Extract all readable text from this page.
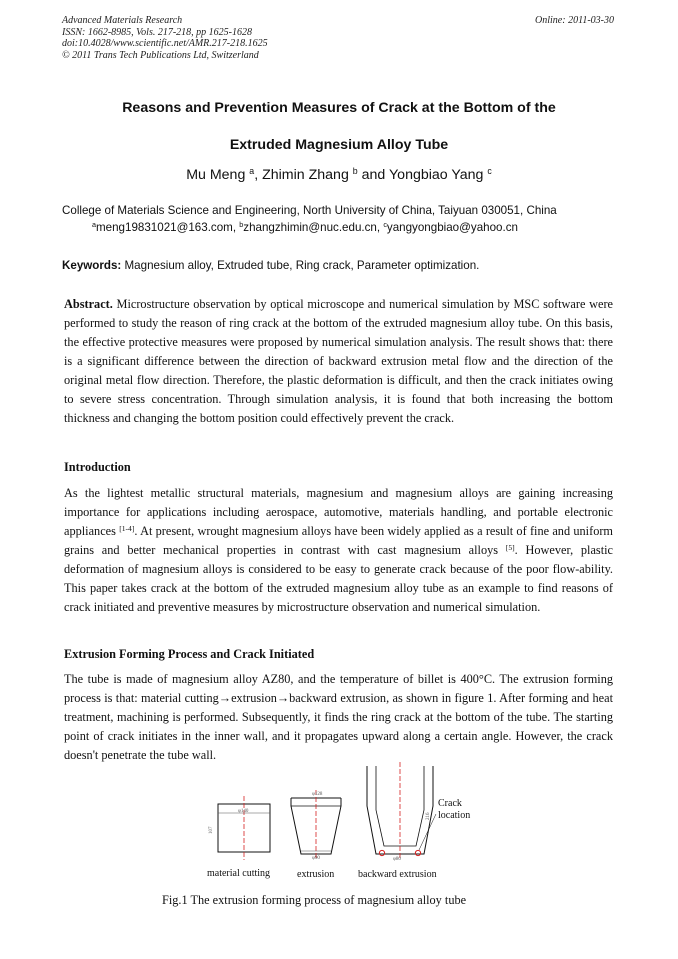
Advanced Materials Research
ISSN: 1662-8985, Vols. 217-218, pp 1625-1628
doi:10.4028/www.scientific.net/AMR.217-218.1625
© 2011 Trans Tech Publications Ltd, Switzerland
Online: 2011-03-30
Reasons and Prevention Measures of Crack at the Bottom of the
Extruded Magnesium Alloy Tube
Mu Meng $^a$, Zhimin Zhang $^b$ and Yongbiao Yang $^c$
College of Materials Science and Engineering, North University of China, Taiyuan 030051, China
$^a$meng19831021@163.com, $^b$zhangzhimin@nuc.edu.cn, $^c$yangyongbiao@yahoo.cn
Keywords: Magnesium alloy, Extruded tube, Ring crack, Parameter optimization.
Abstract. Microstructure observation by optical microscope and numerical simulation by MSC software were performed to study the reason of ring crack at the bottom of the extruded magnesium alloy tube. On this basis, the effective protective measures were proposed by numerical simulation analysis. The result shows that: there is a significant difference between the direction of backward extrusion metal flow and the direction of the original metal flow direction. Therefore, the plastic deformation is difficult, and then the crack initiates owing to severe stress concentration. Through simulation analysis, it is found that both increasing the bottom thickness and changing the bottom position could effectively prevent the crack.
Introduction
As the lightest metallic structural materials, magnesium and magnesium alloys are gaining increasing importance for applications including aerospace, automotive, materials handling, and portable electronic appliances [1-4]. At present, wrought magnesium alloys have been widely applied as a result of fine and uniform grains and better mechanical properties in contrast with cast magnesium alloys [5]. However, plastic deformation of magnesium alloys is considered to be easy to generate crack because of the poor flow-ability. This paper takes crack at the bottom of the extruded magnesium alloy tube as an example to find reasons of crack initiated and preventive measures by microstructure observation and numerical simulation.
Extrusion Forming Process and Crack Initiated
The tube is made of magnesium alloy AZ80, and the temperature of billet is 400°C. The extrusion forming process is that: material cutting→extrusion→backward extrusion, as shown in figure 1. After forming and heat treatment, machining is performed. Subsequently, it finds the ring crack at the bottom of the tube. The starting point of crack initiates in the inner wall, and it propagates upward along a certain angle. However, the crack doesn't penetrate the tube wall.
φ140
107
φ128
φ90	φ80
216
Crack
location
material cutting	extrusion backward extrusion
Fig.1 The extrusion forming process of magnesium alloy tube
